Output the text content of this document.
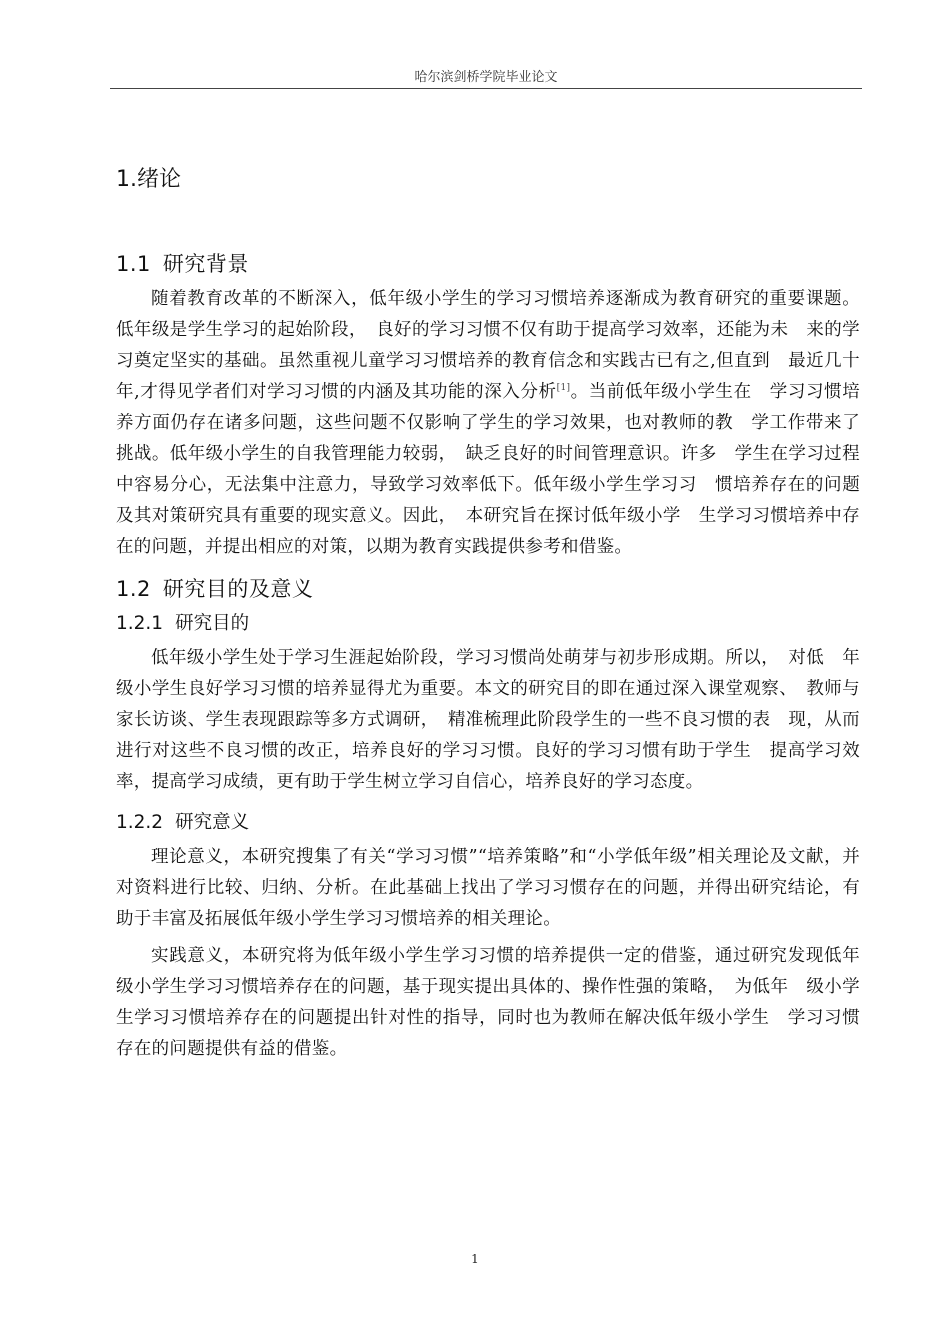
哈尔滨剑桥学院毕业论文
1.绪论
1.1 研究背景

随着教育改革的不断深入，低年级小学生的学习习惯培养逐渐成为教育研究的重要课题。低年级是学生学习的起始阶段，　良好的学习习惯不仅有助于提高学习效率，还能为未　来的学习奠定坚实的基础。虽然重视儿童学习习惯培养的教育信念和实践古已有之,但直到　最近几十年,才得见学者们对学习习惯的内涵及其功能的深入分析[1]。当前低年级小学生在　学习习惯培养方面仍存在诸多问题，这些问题不仅影响了学生的学习效果，也对教师的教　学工作带来了挑战。低年级小学生的自我管理能力较弱，　缺乏良好的时间管理意识。许多　学生在学习过程中容易分心，无法集中注意力，导致学习效率低下。低年级小学生学习习　惯培养存在的问题及其对策研究具有重要的现实意义。因此，　本研究旨在探讨低年级小学　生学习习惯培养中存在的问题，并提出相应的对策，以期为教育实践提供参考和借鉴。

1.2 研究目的及意义
1.2.1 研究目的

低年级小学生处于学习生涯起始阶段，学习习惯尚处萌芽与初步形成期。所以，　对低　年级小学生良好学习习惯的培养显得尤为重要。本文的研究目的即在通过深入课堂观察、　教师与家长访谈、学生表现跟踪等多方式调研，　精准梳理此阶段学生的一些不良习惯的表　现，从而进行对这些不良习惯的改正，培养良好的学习习惯。良好的学习习惯有助于学生　提高学习效率，提高学习成绩，更有助于学生树立学习自信心，培养良好的学习态度。

1.2.2 研究意义

理论意义，本研究搜集了有关“学习习惯”“培养策略”和“小学低年级”相关理论及文献，并对资料进行比较、归纳、分析。在此基础上找出了学习习惯存在的问题，并得出研究结论，有助于丰富及拓展低年级小学生学习习惯培养的相关理论。

实践意义，本研究将为低年级小学生学习习惯的培养提供一定的借鉴，通过研究发现低年级小学生学习习惯培养存在的问题，基于现实提出具体的、操作性强的策略，　为低年　级小学生学习习惯培养存在的问题提出针对性的指导，同时也为教师在解决低年级小学生　学习习惯存在的问题提供有益的借鉴。

1
